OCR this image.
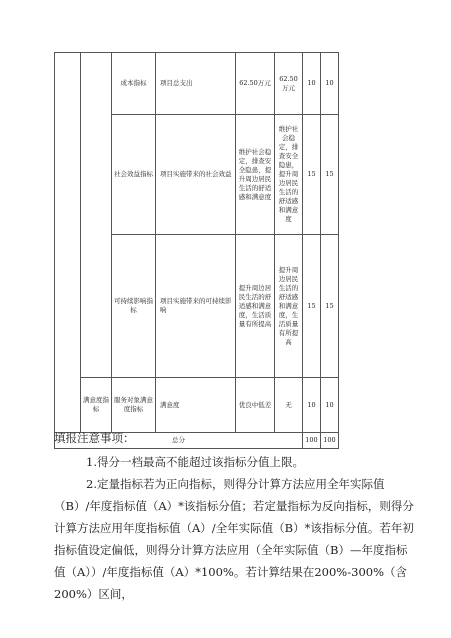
		成本指标	项目总支出	62.50万元	62.50万元	10	10
		社会效益指标	项目实施带来的社会效益	维护社会稳定，排查安全隐患，提升周边居民生活的舒适感和满意度	维护社会稳定，排查安全隐患，提升周边居民生活的舒适感和满意度	15	15
		可持续影响指标	项目实施带来的可持续影响	提升周边居民生活的舒适感和满意度，生活质量有所提高	提升周边居民生活的舒适感和满意度，生活质量有所提高	15	15
	满意度指标	服务对象满意度指标	满意度	优良中低差	无	10	10
总分						100	100

填报注意事项：

1.得分一档最高不能超过该指标分值上限。

2.定量指标若为正向指标，则得分计算方法应用全年实际值（B）/年度指标值（A）*该指标分值；若定量指标为反向指标，则得分计算方法应用年度指标值（A）/全年实际值（B）*该指标分值。若年初指标值设定偏低，则得分计算方法应用（全年实际值（B）—年度指标值（A））/年度指标值（A）*100%。若计算结果在200%-300%（含200%）区间，
